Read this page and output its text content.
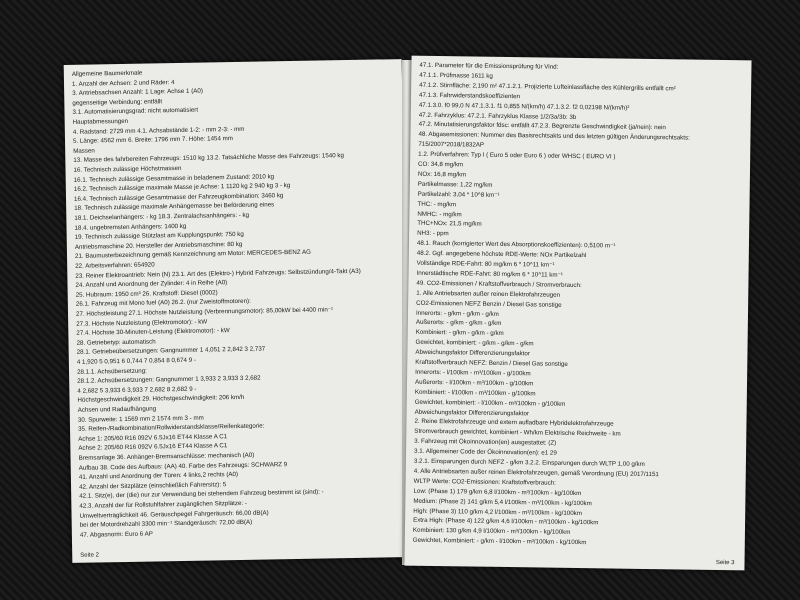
Allgemeine Baumerkmale
1. Anzahl der Achsen: 2 und Räder: 4
3. Antriebsachsen Anzahl: 1 Lage: Achse 1 (A0)
gegenseitige Verbindung: entfällt
3.1. Automatisierungsgrad: nicht automatisiert
Hauptabmessungen
4. Radstand: 2729 mm 4.1. Achsabstände 1-2: - mm 2-3: - mm
5. Länge: 4562 mm 6. Breite: 1796 mm 7. Höhe: 1454 mm
Massen
13. Masse des fahrbereiten Fahrzeugs: 1510 kg 13.2. Tatsächliche Masse des Fahrzeugs: 1540 kg
16. Technisch zulässige Höchstmassen
16.1. Technisch zulässige Gesamtmasse in beladenem Zustand: 2010 kg
16.2. Technisch zulässige maximale Masse je Achse: 1 1120 kg 2 940 kg 3 - kg
16.4. Technisch zulässige Gesamtmasse der Fahrzeugkombination: 3460 kg
18. Technisch zulässige maximale Anhängemasse bei Beförderung eines
18.1. Deichselanhängers: - kg 18.3. Zentralachsanhängers: - kg
18.4. ungebremsten Anhängers: 1400 kg
19. Technisch zulässige Stützlast am Kupplungspunkt: 750 kg
Antriebsmaschine 20. Hersteller der Antriebsmaschine: 80 kg
21. Baumusterbezeichnung gemäß Kennzeichnung am Motor: MERCEDES-BENZ AG
22. Arbeitsverfahren: 654920
23. Reiner Elektroantrieb: Nein (N) 23.1. Art des (Elektro-) Hybrid Fahrzeugs: Selbstzündung/4-Takt (A3)
24. Anzahl und Anordnung der Zylinder: 4 in Reihe (A0)
25. Hubraum: 1950 cm³ 26. Kraftstoff: Diesel (0002)
26.1. Fahrzeug mit Mono fuel (A0) 26.2. (nur Zweistoffmotoren):
27. Höchstleistung 27.1. Höchste Nutzleistung (Verbrennungsmotor): 85,00kW bei 4400 min⁻¹
27.3. Höchste Nutzleistung (Elektromotor): - kW
27.4. Höchste 30-Minuten-Leistung (Elektromotor): - kW
28. Getriebetyp: automatisch
28.1. Getriebeübersetzungen: Gangnummer 1 4,051 2 2,842 3 2,737
4 1,920 5 0,951 6 0,744 7 0,854 8 0,674 9 -
28.1.1. Achsübersetzung:
28.1.2. Achsübersetzungen: Gangnummer 1 3,933 2 3,933 3 2,682
4 2,682 5 3,933 6 3,933 7 2,682 8 2,682 9 -
Höchstgeschwindigkeit 29. Höchstgeschwindigkeit: 206 km/h
Achsen und Radaufhängung
30. Spurweite: 1 1569 mm 2 1574 mm 3 - mm
35. Reifen-/Radkombination/Rollwiderstandsklasse/Reifenkategorie:
Achse 1: 205/60 R16 092V 6.5Jx16 ET44 Klasse A C1
Achse 2: 205/60 R16 092V 6.5Jx16 ET44 Klasse A C1
Bremsanlage 36. Anhänger-Bremsanschlüsse: mechanisch (A0)
Aufbau 38. Code des Aufbaus: (AA) 40. Farbe des Fahrzeugs: SCHWARZ 9
41. Anzahl und Anordnung der Türen: 4 links,2 rechts (A0)
42. Anzahl der Sitzplätze (einschließlich Fahrersitz): 5
42.1. Sitz(e), der (die) nur zur Verwendung bei stehendem Fahrzeug bestimmt ist (sind): -
42.3. Anzahl der für Rollstuhlfahrer zugänglichen Sitzplätze: -
Umweltverträglichkeit 46. Geräuschpegel Fahrgeräusch: 66,00 dB(A)
bei der Motordrehzahl 3300 min⁻¹ Standgeräusch: 72,00 dB(A)
47. Abgasnorm: Euro 6 AP
Seite 2
47.1. Parameter für die Emissionsprüfung für Vind:
47.1.1. Prüfmasse 1611 kg
47.1.2. Stirnfläche: 2,190 m² 47.1.2.1. Projizierte Lufteinlassfläche des Kühlergrills entfällt cm²
47.1.3. Fahrwiderstandskoeffizienten
47.1.3.0. f0 99,0 N 47.1.3.1. f1 0,855 N/(km/h) 47.1.3.2. f2 0,02198 N/(km/h)²
47.2. Fahrzyklus: 47.2.1. Fahrzyklus Klasse 1/2/3a/3b: 3b
47.2. Minutatisierungsfaktor fdsc: entfällt 47.2.3. Begrenzte Geschwindigkeit (ja/nein): nein
48. Abgasemissionen: Nummer des Basisrechtsakts und des letzten gültigen Änderungsrechtsakts:
715/2007*2018/1832AP
1.2. Prüfverfahren: Typ I ( Euro 5 oder Euro 6 ) oder WHSC ( EURO VI )
CO: 34,8 mg/km
NOx: 16,8 mg/km
Partikelmasse: 1,22 mg/km
Partikelzahl: 3,04 * 10^8 km⁻¹
THC: - mg/km
NMHC: - mg/km
THC+NOx: 21,5 mg/km
NH3: - ppm
48.1. Rauch (korrigierter Wert des Absorptionskoeffizienten): 0,5100 m⁻¹
48.2. Ggf. angegebene höchste RDE-Werte: NOx Partikelzahl
Vollständige RDE-Fahrt: 80 mg/km 6 * 10^11 km⁻¹
Innerstädtische RDE-Fahrt: 80 mg/km 6 * 10^11 km⁻¹
49. CO2-Emissionen / Kraftstoffverbrauch / Stromverbrauch:
1. Alle Antriebsarten außer reinen Elektrofahrzeugen
CO2-Emissionen NEFZ Benzin / Diesel Gas sonstige
Innerorts: - g/km - g/km - g/km
Außerorts: - g/km - g/km - g/km
Kombiniert: - g/km - g/km - g/km
Gewichtet, kombiniert: - g/km - g/km - g/km
Abweichungsfaktor Differenzierungsfaktor
Kraftstoffverbrauch NEFZ: Benzin / Diesel Gas sonstige
Innerorts: - l/100km - m³/100km - g/100km
Außerorts: - l/100km - m³/100km - g/100km
Kombiniert: - l/100km - m³/100km - g/100km
Gewichtet, kombiniert: - l/100km - m³/100km - g/100km
Abweichungsfaktor Differenzierungsfaktor
2. Reine Elektrofahrzeuge und extern aufladbare Hybridelektrofahrzeuge
Stromverbrauch gewichtet, kombiniert - Wh/km Elektrische Reichweite - km
3. Fahrzeug mit Ökoinnovation(en) ausgestattet: (Z)
3.1. Allgemeiner Code der Ökoinnovation(en): e1 29
3.2.1. Einsparungen durch NEFZ - g/km 3.2.2. Einsparungen durch WLTP 1,00 g/km
4. Alle Antriebsarten außer reinen Elektrofahrzeugen, gemäß Verordnung (EU) 2017/1151
WLTP Werte: CO2-Emissionen: Kraftstoffverbrauch:
Low: (Phase 1) 179 g/km 6,8 l/100km - m³/100km - kg/100km
Medium: (Phase 2) 141 g/km 5,4 l/100km - m³/100km - kg/100km
High: (Phase 3) 110 g/km 4,2 l/100km - m³/100km - kg/100km
Extra High: (Phase 4) 122 g/km 4,6 l/100km - m³/100km - kg/100km
Kombiniert: 130 g/km 4,9 l/100km - m³/100km - kg/100km
Gewichtet, Kombiniert: - g/km - l/100km - m³/100km - kg/100km
Seite 3
